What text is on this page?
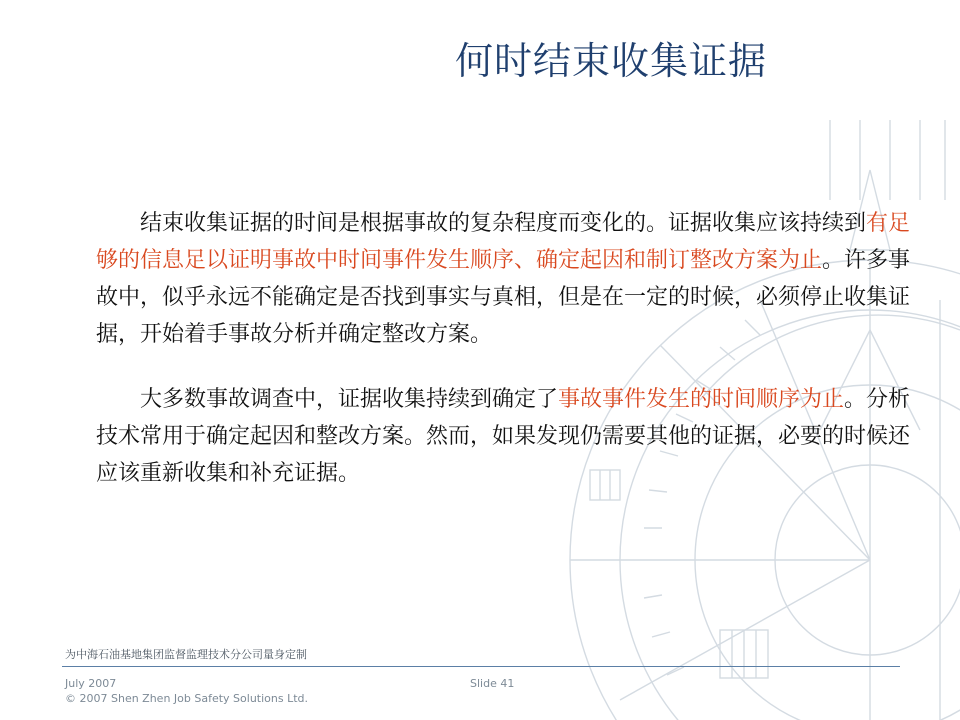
何时结束收集证据

结束收集证据的时间是根据事故的复杂程度而变化的。证据收集应该持续到有足够的信息足以证明事故中时间事件发生顺序、确定起因和制订整改方案为止。许多事故中，似乎永远不能确定是否找到事实与真相，但是在一定的时候，必须停止收集证据，开始着手事故分析并确定整改方案。

大多数事故调查中，证据收集持续到确定了事故事件发生的时间顺序为止。分析技术常用于确定起因和整改方案。然而，如果发现仍需要其他的证据，必要的时候还应该重新收集和补充证据。

为中海石油基地集团监督监理技术分公司量身定制
July 2007
© 2007 Shen Zhen Job Safety Solutions Ltd.
Slide 41
